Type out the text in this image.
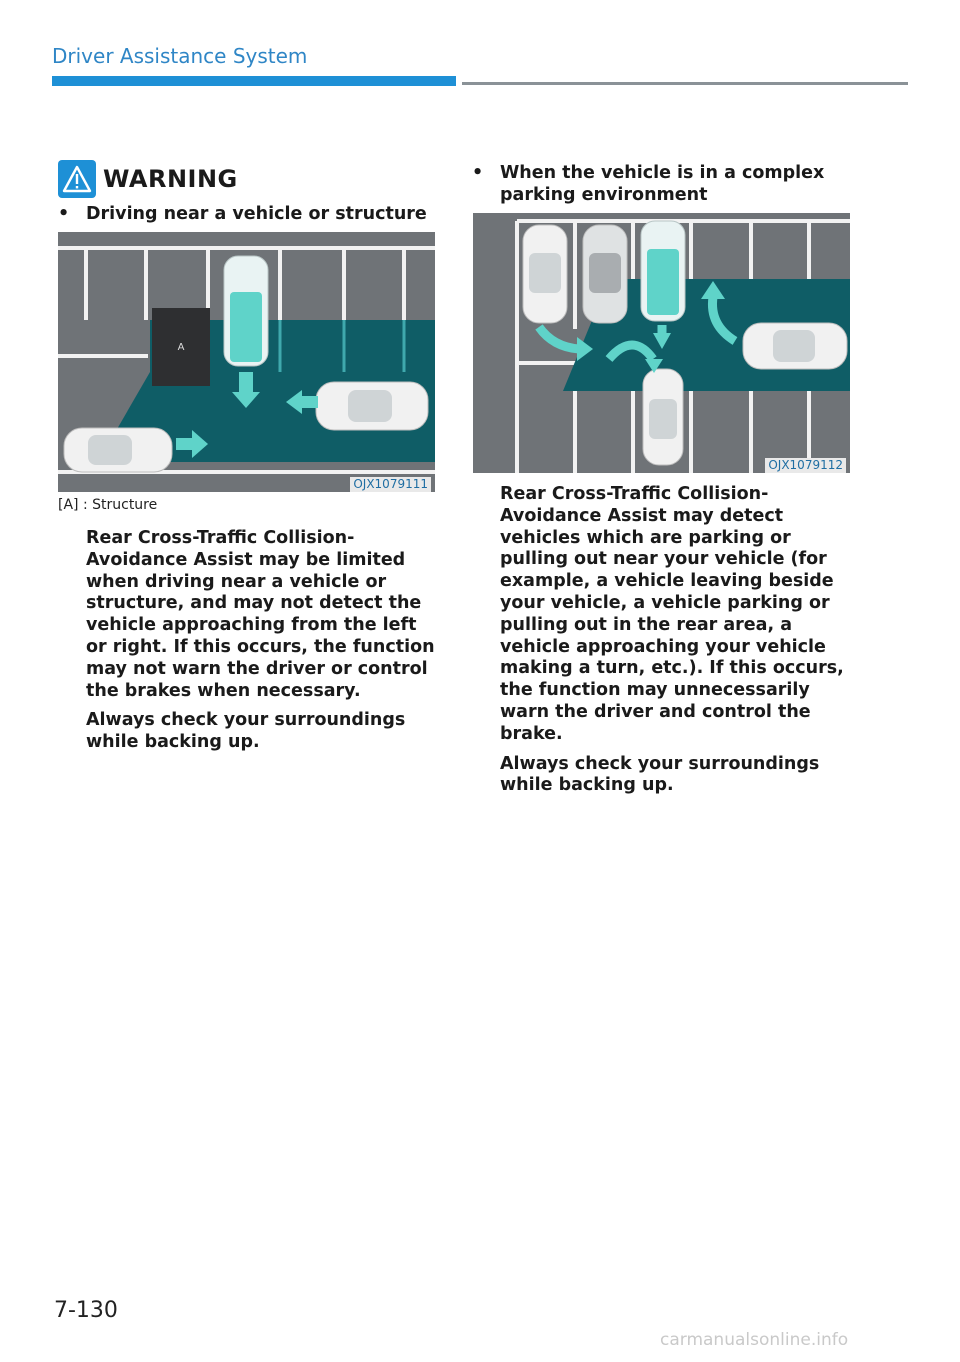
Driver Assistance System
WARNING
• Driving near a vehicle or structure
A
OJX1079111
[A] : Structure

Rear Cross-Traffic Collision-Avoidance Assist may be limited when driving near a vehicle or structure, and may not detect the vehicle approaching from the left or right. If this occurs, the function may not warn the driver or control the brakes when necessary.

Always check your surroundings while backing up.

• When the vehicle is in a complex parking environment
OJX1079112

Rear Cross-Traffic Collision-Avoidance Assist may detect vehicles which are parking or pulling out near your vehicle (for example, a vehicle leaving beside your vehicle, a vehicle parking or pulling out in the rear area, a vehicle approaching your vehicle making a turn, etc.). If this occurs, the function may unnecessarily warn the driver and control the brake.

Always check your surroundings while backing up.

7-130
carmanualsonline.info
